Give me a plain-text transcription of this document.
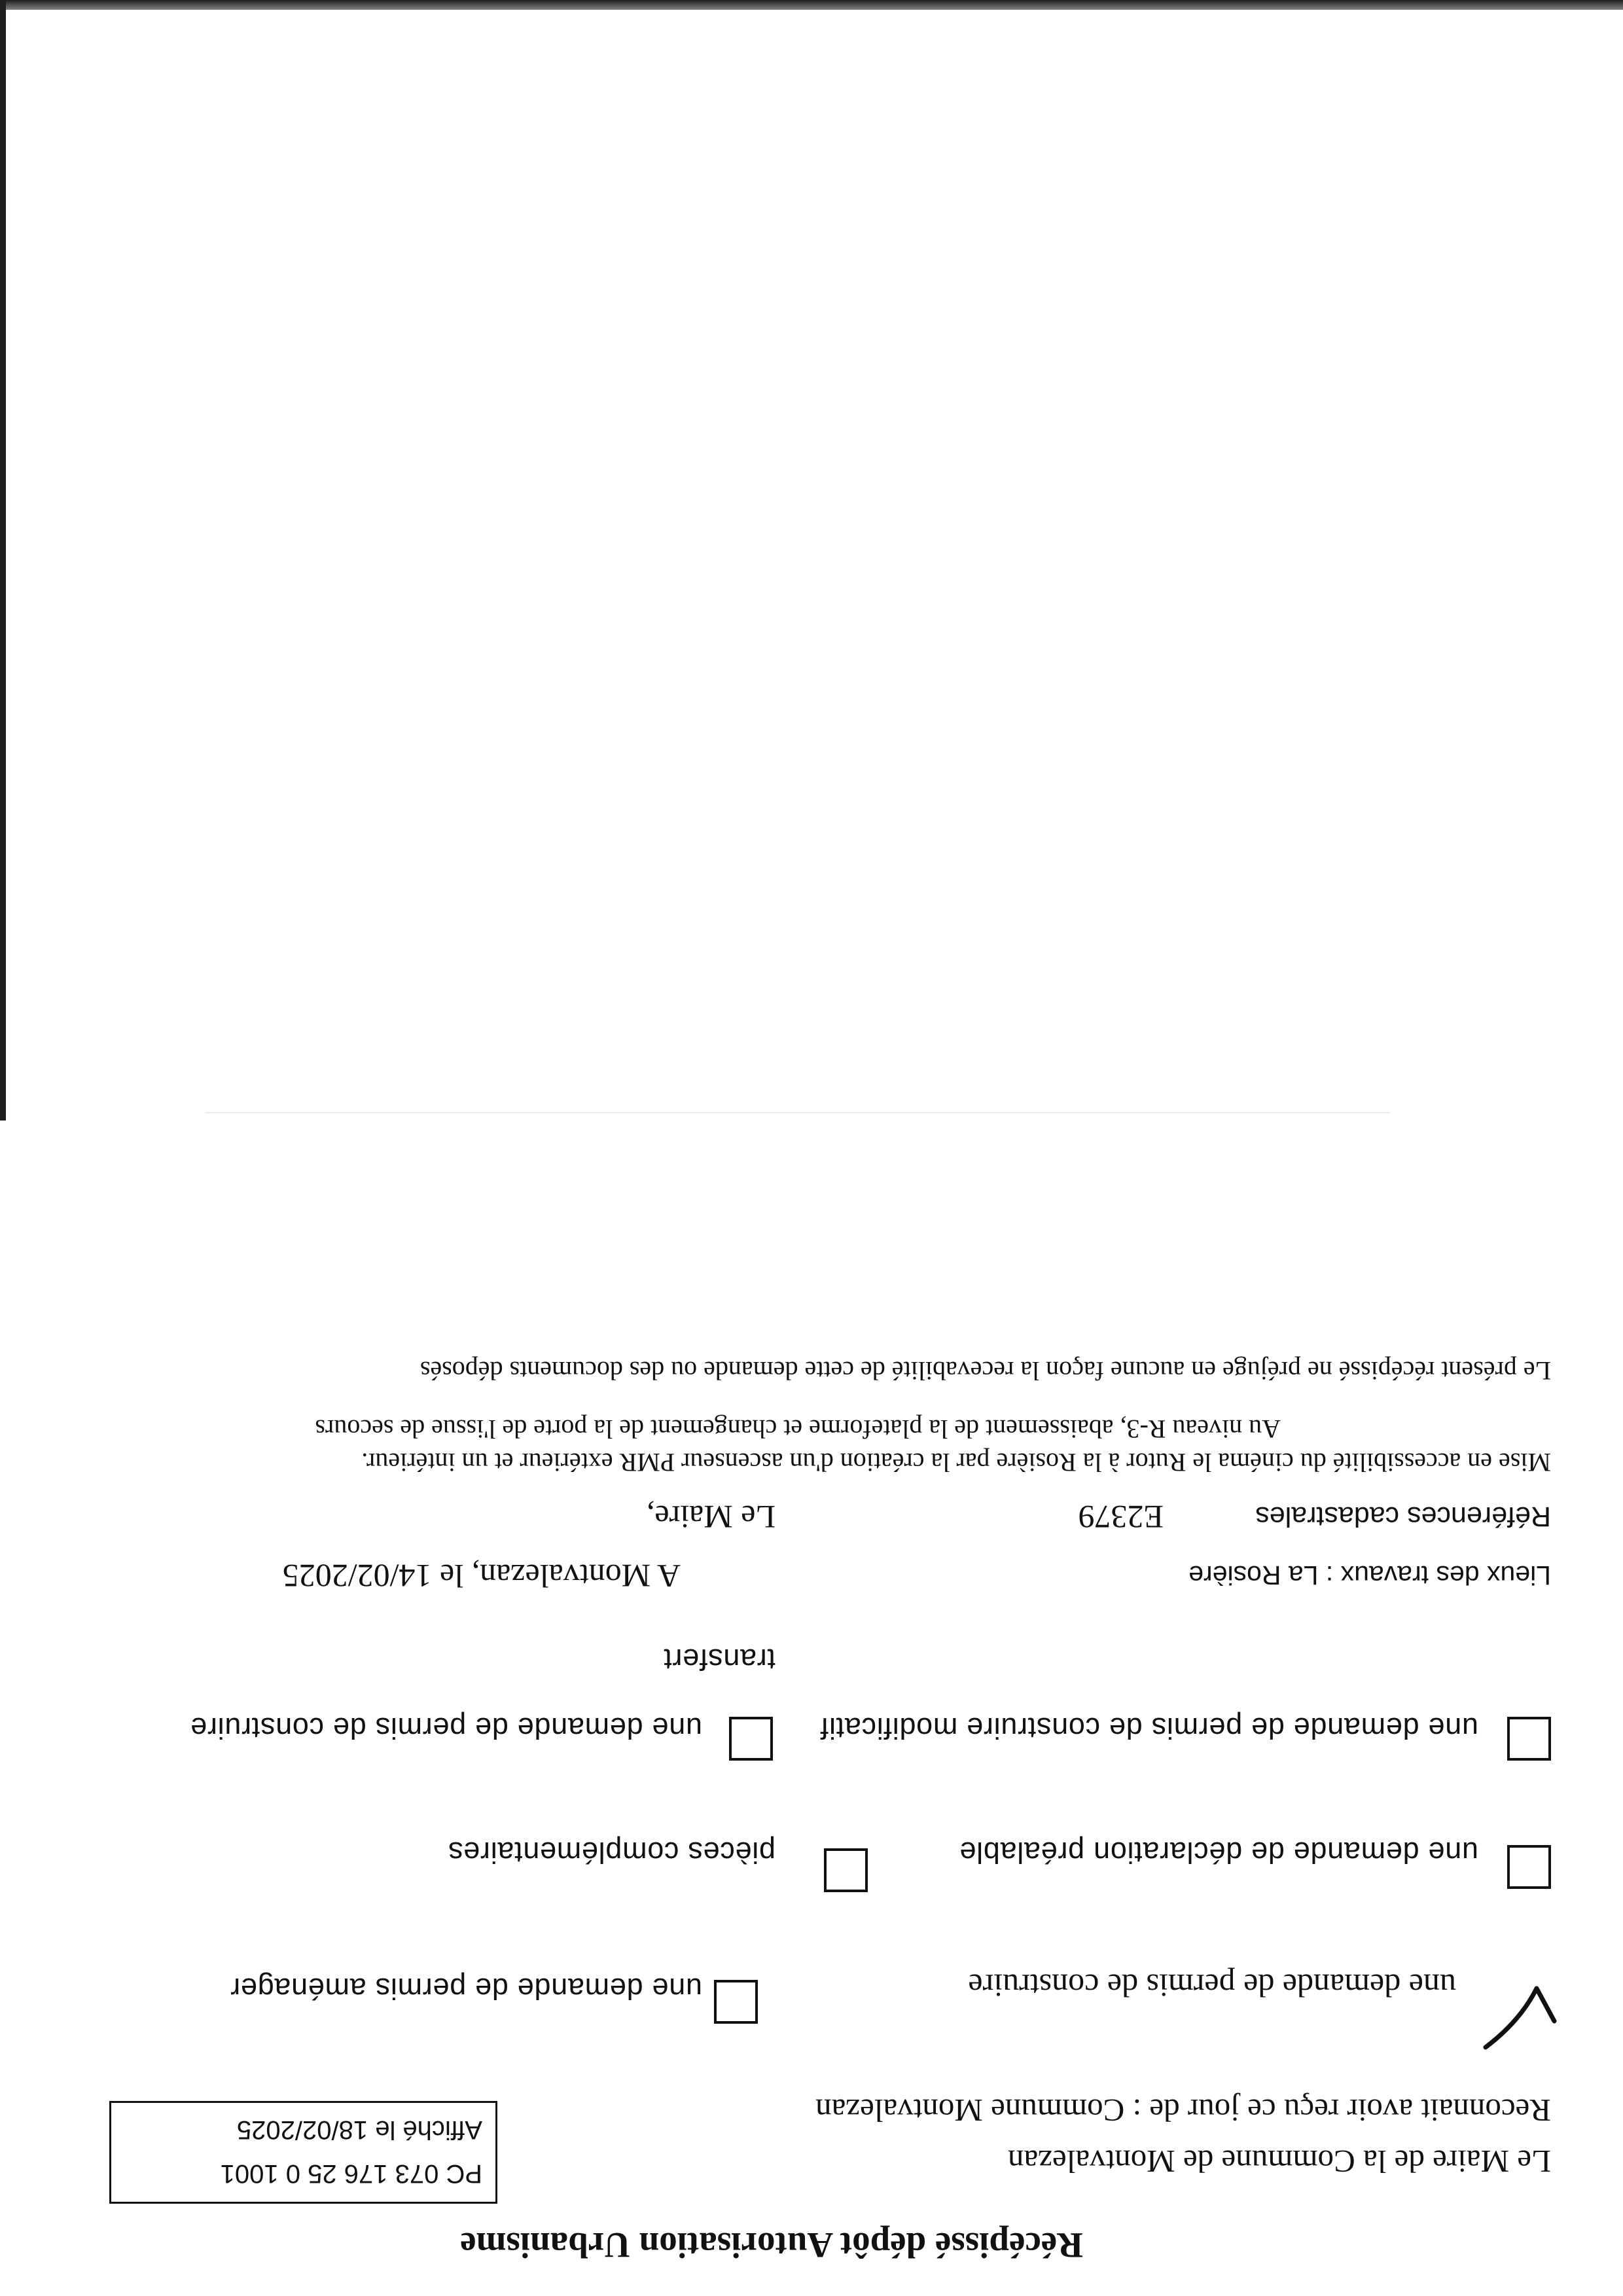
Récépissé dépôt Autorisation Urbanisme
Le Maire de la Commune de Montvalezan
Reconnait avoir reçu ce jour de : Commune Montvalezan
PC 073 176 25 0 1001
Affiché le 18/02/2025
une demande de permis de construire
une demande de permis aménager
une demande de déclaration préalable
pièces complémentaires
une demande de permis de construire modificatif
une demande de permis de construire
transfert
Lieux des travaux : La Rosière
A Montvalezan, le 14/02/2025
Références cadastrales
E2379
Le Maire,
Mise en accessibilité du cinéma le Rutor à la Rosière par la création d'un ascenseur PMR extérieur et un intérieur.
Au niveau R-3, abaissement de la plateforme et changement de la porte de l'issue de secours
Le présent récépissé ne préjuge en aucune façon la recevabilité de cette demande ou des documents déposés
